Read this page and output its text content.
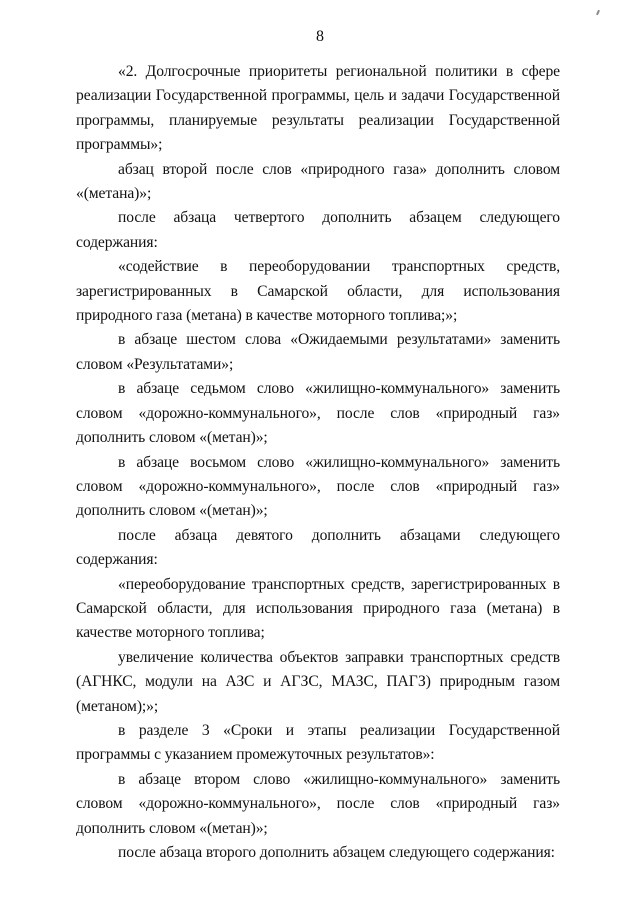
8

«2. Долгосрочные приоритеты региональной политики в сфере реализации Государственной программы, цель и задачи Государственной программы, планируемые результаты реализации Государственной программы»;

абзац второй после слов «природного газа» дополнить словом «(метана)»;

после абзаца четвертого дополнить абзацем следующего содержания:

«содействие в переоборудовании транспортных средств, зарегистрированных в Самарской области, для использования природного газа (метана) в качестве моторного топлива;»;

в абзаце шестом слова «Ожидаемыми результатами» заменить словом «Результатами»;

в абзаце седьмом слово «жилищно-коммунального» заменить словом «дорожно-коммунального», после слов «природный газ» дополнить словом «(метан)»;

в абзаце восьмом слово «жилищно-коммунального» заменить словом «дорожно-коммунального», после слов «природный газ» дополнить словом «(метан)»;

после абзаца девятого дополнить абзацами следующего содержания:

«переоборудование транспортных средств, зарегистрированных в Самарской области, для использования природного газа (метана) в качестве моторного топлива;

увеличение количества объектов заправки транспортных средств (АГНКС, модули на АЗС и АГЗС, МАЗС, ПАГЗ) природным газом (метаном);»;

в разделе 3 «Сроки и этапы реализации Государственной программы с указанием промежуточных результатов»:

в абзаце втором слово «жилищно-коммунального» заменить словом «дорожно-коммунального», после слов «природный газ» дополнить словом «(метан)»;

после абзаца второго дополнить абзацем следующего содержания:
